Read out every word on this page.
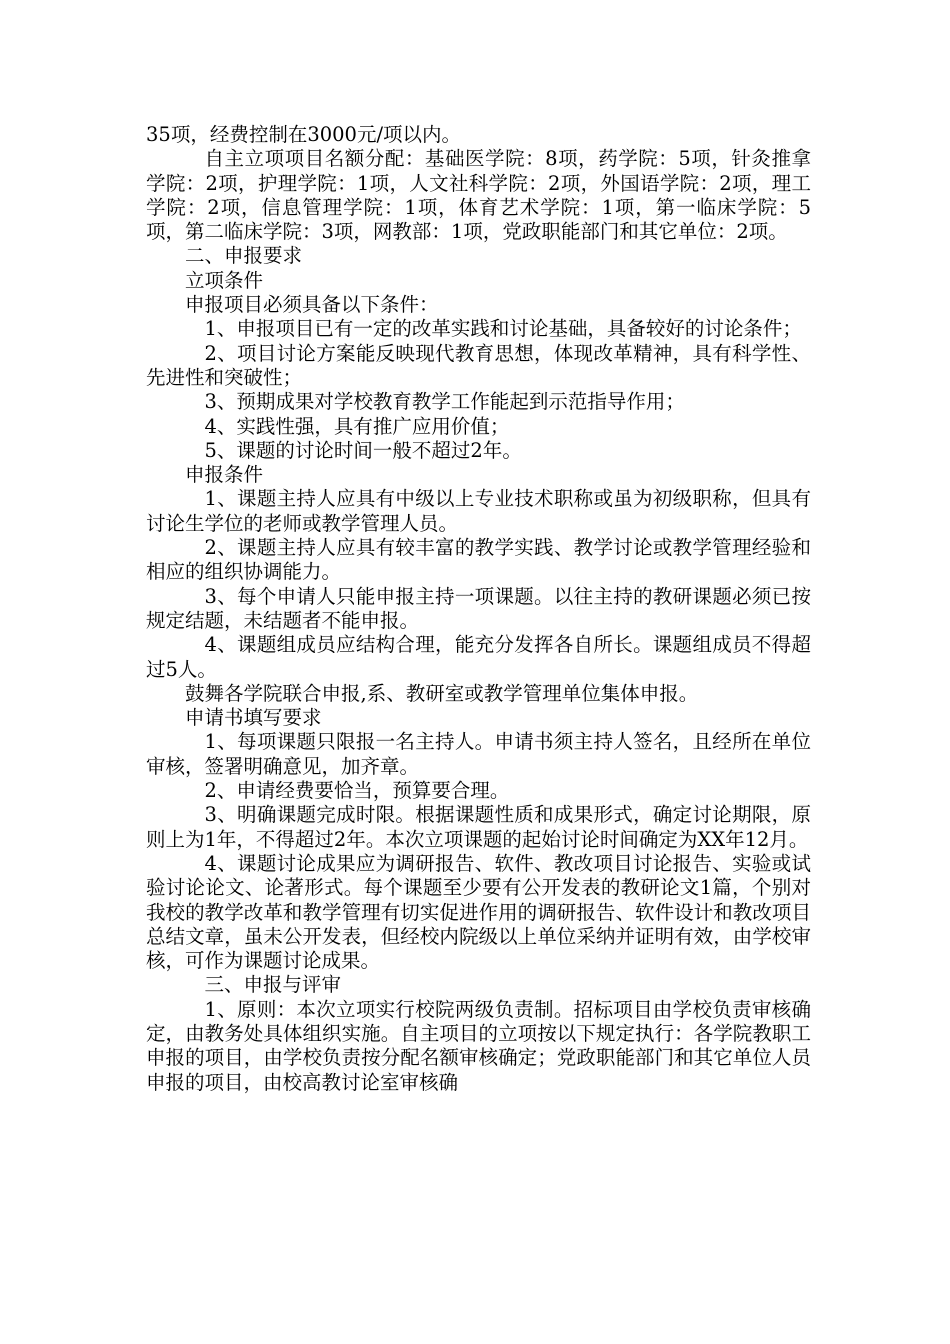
35项，经费控制在3000元/项以内。

自主立项项目名额分配：基础医学院：8项，药学院：5项，针灸推拿学院：2项，护理学院：1项，人文社科学院：2项，外国语学院：2项，理工学院：2项，信息管理学院：1项，体育艺术学院：1项，第一临床学院：5项，第二临床学院：3项，网教部：1项，党政职能部门和其它单位：2项。

二、申报要求

立项条件

申报项目必须具备以下条件：

1、申报项目已有一定的改革实践和讨论基础，具备较好的讨论条件；

2、项目讨论方案能反映现代教育思想，体现改革精神，具有科学性、先进性和突破性；

3、预期成果对学校教育教学工作能起到示范指导作用；

4、实践性强，具有推广应用价值；

5、课题的讨论时间一般不超过2年。

申报条件

1、课题主持人应具有中级以上专业技术职称或虽为初级职称，但具有讨论生学位的老师或教学管理人员。

2、课题主持人应具有较丰富的教学实践、教学讨论或教学管理经验和相应的组织协调能力。

3、每个申请人只能申报主持一项课题。以往主持的教研课题必须已按规定结题，未结题者不能申报。

4、课题组成员应结构合理，能充分发挥各自所长。课题组成员不得超过5人。

鼓舞各学院联合申报,系、教研室或教学管理单位集体申报。

申请书填写要求

1、每项课题只限报一名主持人。申请书须主持人签名，且经所在单位审核，签署明确意见，加齐章。

2、申请经费要恰当，预算要合理。

3、明确课题完成时限。根据课题性质和成果形式，确定讨论期限，原则上为1年，不得超过2年。本次立项课题的起始讨论时间确定为XX年12月。

4、课题讨论成果应为调研报告、软件、教改项目讨论报告、实验或试验讨论论文、论著形式。每个课题至少要有公开发表的教研论文1篇，个别对我校的教学改革和教学管理有切实促进作用的调研报告、软件设计和教改项目总结文章，虽未公开发表，但经校内院级以上单位采纳并证明有效，由学校审核，可作为课题讨论成果。

三、申报与评审

1、原则：本次立项实行校院两级负责制。招标项目由学校负责审核确定，由教务处具体组织实施。自主项目的立项按以下规定执行：各学院教职工申报的项目，由学校负责按分配名额审核确定；党政职能部门和其它单位人员申报的项目，由校高教讨论室审核确
